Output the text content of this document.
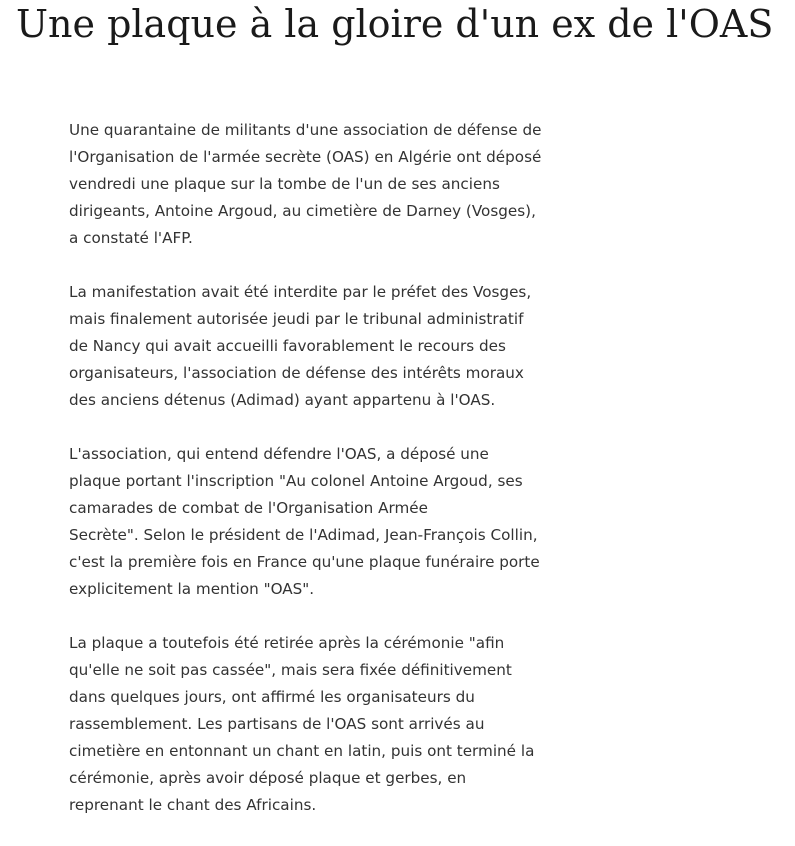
Une plaque à la gloire d'un ex de l'OAS

Une quarantaine de militants d'une association de défense de
l'Organisation de l'armée secrète (OAS) en Algérie ont déposé
vendredi une plaque sur la tombe de l'un de ses anciens
dirigeants, Antoine Argoud, au cimetière de Darney (Vosges),
a constaté l'AFP.

La manifestation avait été interdite par le préfet des Vosges,
mais finalement autorisée jeudi par le tribunal administratif
de Nancy qui avait accueilli favorablement le recours des
organisateurs, l'association de défense des intérêts moraux
des anciens détenus (Adimad) ayant appartenu à l'OAS.

L'association, qui entend défendre l'OAS, a déposé une
plaque portant l'inscription "Au colonel Antoine Argoud, ses
camarades de combat de l'Organisation Armée
Secrète". Selon le président de l'Adimad, Jean-François Collin,
c'est la première fois en France qu'une plaque funéraire porte
explicitement la mention "OAS".

La plaque a toutefois été retirée après la cérémonie "afin
qu'elle ne soit pas cassée", mais sera fixée définitivement
dans quelques jours, ont affirmé les organisateurs du
rassemblement. Les partisans de l'OAS sont arrivés au
cimetière en entonnant un chant en latin, puis ont terminé la
cérémonie, après avoir déposé plaque et gerbes, en
reprenant le chant des Africains.
